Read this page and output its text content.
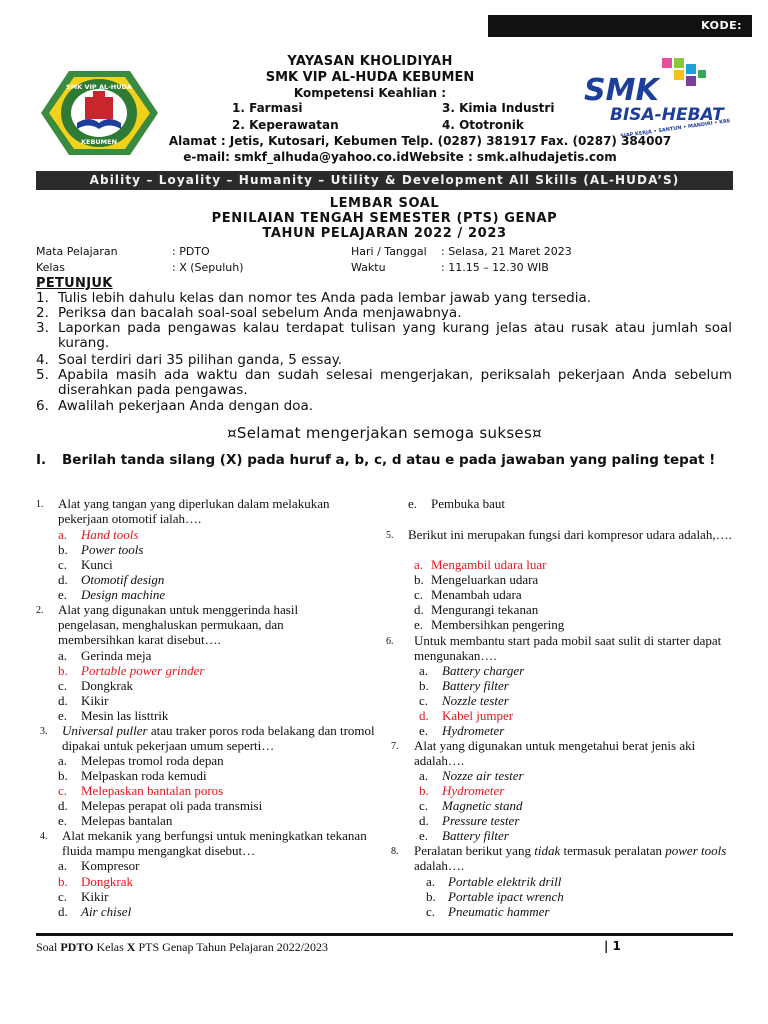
KODE:
SMK VIP AL-HUDA
KEBUMEN
SMK
BISA-HEBAT
SIAP KERJA • SANTUN • MANDIRI • KREATIF
YAYASAN KHOLIDIYAH
SMK VIP AL-HUDA KEBUMEN
Kompetensi Keahlian :
1. Farmasi	3. Kimia Industri
2. Keperawatan	4. Ototronik
Alamat : Jetis, Kutosari, Kebumen Telp. (0287) 381917 Fax. (0287) 384007
e-mail: smkf_alhuda@yahoo.co.idWebsite : smk.alhudajetis.com
Ability – Loyality – Humanity – Utility & Development All Skills (AL-HUDA’S)
LEMBAR SOAL
PENILAIAN TENGAH SEMESTER (PTS) GENAP
TAHUN PELAJARAN 2022 / 2023
Mata Pelajaran	: PDTO	Hari / Tanggal : Selasa, 21 Maret 2023
Kelas	: X (Sepuluh)	Waktu	: 11.15 – 12.30 WIB
PETUNJUK
1. Tulis lebih dahulu kelas dan nomor tes Anda pada lembar jawab yang tersedia.
2. Periksa dan bacalah soal-soal sebelum Anda menjawabnya.
3. Laporkan pada pengawas kalau terdapat tulisan yang kurang jelas atau rusak atau jumlah soal kurang.
4. Soal terdiri dari 35 pilihan ganda, 5 essay.
5. Apabila masih ada waktu dan sudah selesai mengerjakan, periksalah pekerjaan Anda sebelum diserahkan pada pengawas.
6. Awalilah pekerjaan Anda dengan doa.
¤Selamat mengerjakan semoga sukses¤
I. Berilah tanda silang (X) pada huruf a, b, c, d atau e pada jawaban yang paling tepat !
1. Alat yang tangan yang diperlukan dalam melakukan pekerjaan otomotif ialah….
a. Hand tools
b. Power tools
c. Kunci
d. Otomotif design
e. Design machine
2. Alat yang digunakan untuk menggerinda hasil pengelasan, menghaluskan permukaan, dan membersihkan karat disebut….
a. Gerinda meja
b. Portable power grinder
c. Dongkrak
d. Kikir
e. Mesin las listtrik
3. Universal puller atau traker poros roda belakang dan tromol dipakai untuk pekerjaan umum seperti…
a. Melepas tromol roda depan
b. Melpaskan roda kemudi
c. Melepaskan bantalan poros
d. Melepas perapat oli pada transmisi
e. Melepas bantalan
4. Alat mekanik yang berfungsi untuk meningkatkan tekanan fluida mampu mengangkat disebut…
a. Kompresor
b. Dongkrak
c. Kikir
d. Air chisel
e. Pembuka baut
5. Berikut ini merupakan fungsi dari kompresor udara adalah,….
a. Mengambil udara luar
b. Mengeluarkan udara
c. Menambah udara
d. Mengurangi tekanan
e. Membersihkan pengering
6. Untuk membantu start pada mobil saat sulit di starter dapat mengunakan….
a. Battery charger
b. Battery filter
c. Nozzle tester
d. Kabel jumper
e. Hydrometer
7. Alat yang digunakan untuk mengetahui berat jenis aki adalah….
a. Nozze air tester
b. Hydrometer
c. Magnetic stand
d. Pressure tester
e. Battery filter
8. Peralatan berikut yang tidak termasuk peralatan power tools adalah….
a. Portable elektrik drill
b. Portable ipact wrench
c. Pneumatic hammer
Soal PDTO Kelas X PTS Genap Tahun Pelajaran 2022/2023	| 1
